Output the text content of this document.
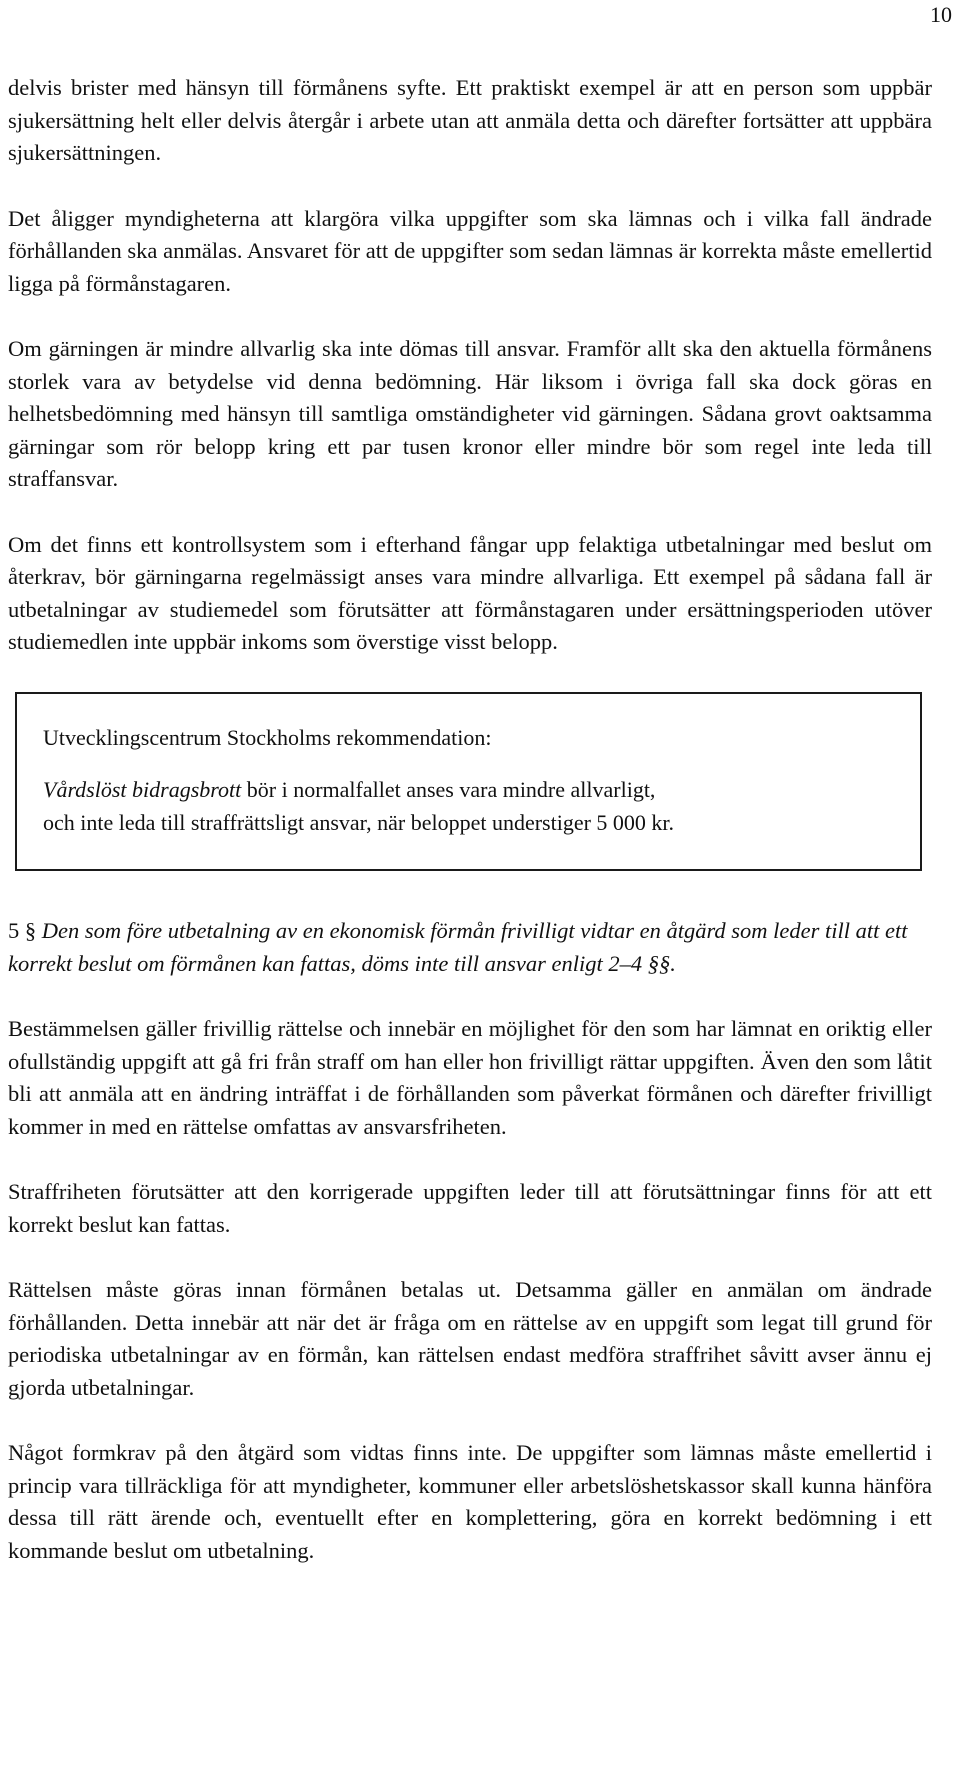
10

delvis brister med hänsyn till förmånens syfte. Ett praktiskt exempel är att en person som uppbär sjukersättning helt eller delvis återgår i arbete utan att anmäla detta och därefter fortsätter att uppbära sjukersättningen.

Det åligger myndigheterna att klargöra vilka uppgifter som ska lämnas och i vilka fall ändrade förhållanden ska anmälas. Ansvaret för att de uppgifter som sedan lämnas är korrekta måste emellertid ligga på förmånstagaren.

Om gärningen är mindre allvarlig ska inte dömas till ansvar. Framför allt ska den aktuella förmånens storlek vara av betydelse vid denna bedömning. Här liksom i övriga fall ska dock göras en helhetsbedömning med hänsyn till samtliga omständigheter vid gärningen. Sådana grovt oaktsamma gärningar som rör belopp kring ett par tusen kronor eller mindre bör som regel inte leda till straffansvar.

Om det finns ett kontrollsystem som i efterhand fångar upp felaktiga utbetalningar med beslut om återkrav, bör gärningarna regelmässigt anses vara mindre allvarliga. Ett exempel på sådana fall är utbetalningar av studiemedel som förutsätter att förmånstagaren under ersättningsperioden utöver studiemedlen inte uppbär inkoms som överstige visst belopp.

Utvecklingscentrum Stockholms rekommendation:

Vårdslöst bidragsbrott bör i normalfallet anses vara mindre allvarligt,
och inte leda till straffrättsligt ansvar, när beloppet understiger 5 000 kr.

5 § Den som före utbetalning av en ekonomisk förmån frivilligt vidtar en åtgärd som leder till att ett korrekt beslut om förmånen kan fattas, döms inte till ansvar enligt 2–4 §§.

Bestämmelsen gäller frivillig rättelse och innebär en möjlighet för den som har lämnat en oriktig eller ofullständig uppgift att gå fri från straff om han eller hon frivilligt rättar uppgiften. Även den som låtit bli att anmäla att en ändring inträffat i de förhållanden som påverkat förmånen och därefter frivilligt kommer in med en rättelse omfattas av ansvarsfriheten.

Straffriheten förutsätter att den korrigerade uppgiften leder till att förutsättningar finns för att ett korrekt beslut kan fattas.

Rättelsen måste göras innan förmånen betalas ut. Detsamma gäller en anmälan om ändrade förhållanden. Detta innebär att när det är fråga om en rättelse av en uppgift som legat till grund för periodiska utbetalningar av en förmån, kan rättelsen endast medföra straffrihet såvitt avser ännu ej gjorda utbetalningar.

Något formkrav på den åtgärd som vidtas finns inte. De uppgifter som lämnas måste emellertid i princip vara tillräckliga för att myndigheter, kommuner eller arbetslöshetskassor skall kunna hänföra dessa till rätt ärende och, eventuellt efter en komplettering, göra en korrekt bedömning i ett kommande beslut om utbetalning.
